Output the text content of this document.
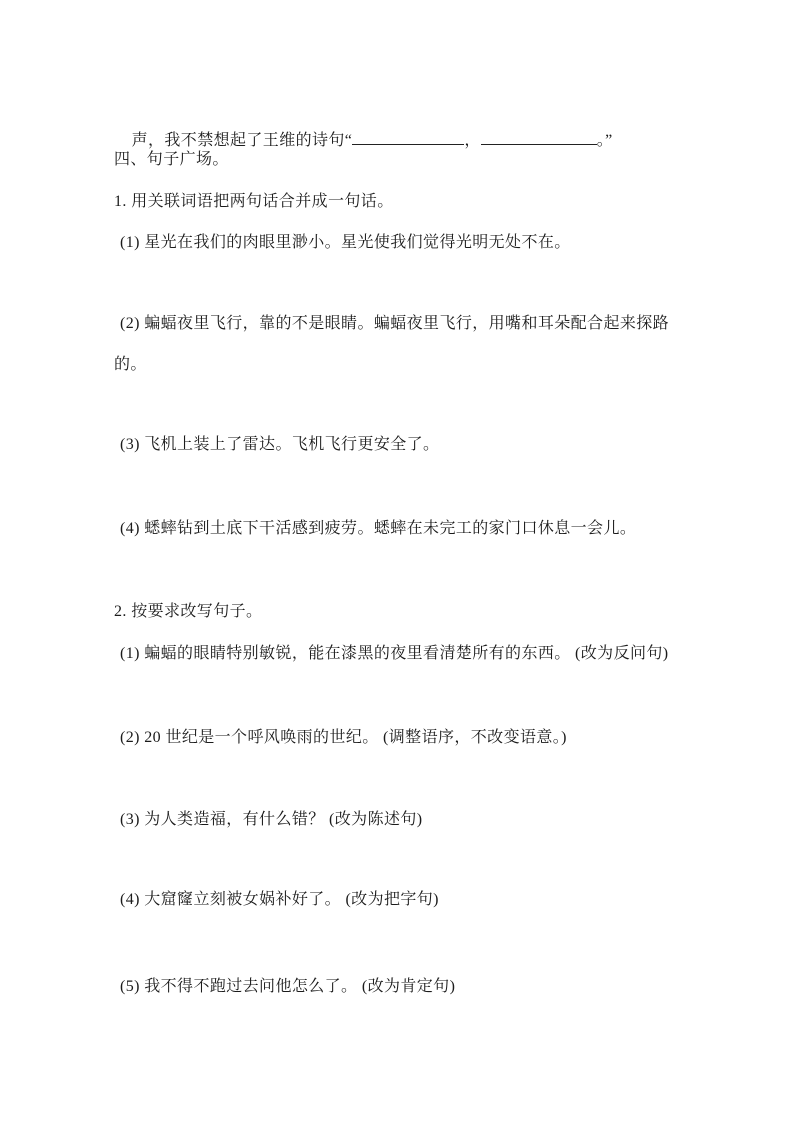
声，我不禁想起了王维的诗句“	，	。”

四、句子广场。
1. 用关联词语把两句话合并成一句话。
(1) 星光在我们的肉眼里渺小。星光使我们觉得光明无处不在。
(2) 蝙蝠夜里飞行，靠的不是眼睛。蝙蝠夜里飞行，用嘴和耳朵配合起来探路
的。
(3) 飞机上装上了雷达。飞机飞行更安全了。
(4) 蟋蟀钻到土底下干活感到疲劳。蟋蟀在未完工的家门口休息一会儿。
2. 按要求改写句子。
(1) 蝙蝠的眼睛特别敏锐，能在漆黑的夜里看清楚所有的东西。 (改为反问句)
(2) 20 世纪是一个呼风唤雨的世纪。 (调整语序，不改变语意。)
(3) 为人类造福，有什么错？ (改为陈述句)
(4) 大窟窿立刻被女娲补好了。 (改为把字句)
(5) 我不得不跑过去问他怎么了。 (改为肯定句)
